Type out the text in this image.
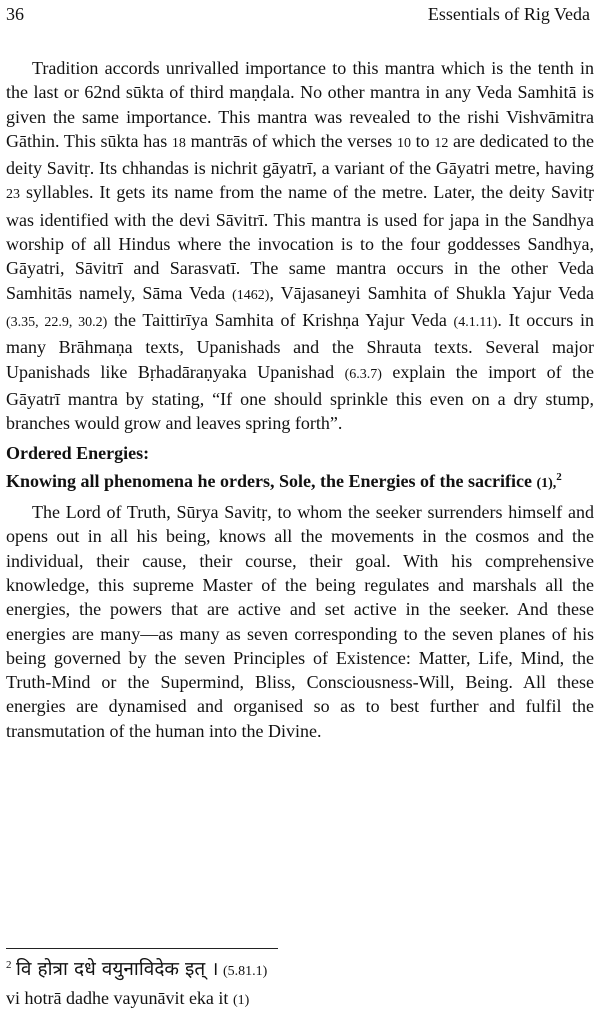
36	Essentials of Rig Veda

Tradition accords unrivalled importance to this mantra which is the tenth in the last or 62nd sūkta of third maṇḍala. No other mantra in any Veda Samhitā is given the same importance. This mantra was revealed to the rishi Vishvāmitra Gāthin. This sūkta has 18 mantrās of which the verses 10 to 12 are dedicated to the deity Savitṛ. Its chhandas is nichrit gāyatrī, a variant of the Gāyatri metre, having 23 syllables. It gets its name from the name of the metre. Later, the deity Savitṛ was identified with the devi Sāvitrī. This mantra is used for japa in the Sandhya worship of all Hindus where the invocation is to the four goddesses Sandhya, Gāyatri, Sāvitrī and Sarasvatī. The same mantra occurs in the other Veda Samhitās namely, Sāma Veda (1462), Vājasaneyi Samhita of Shukla Yajur Veda (3.35, 22.9, 30.2) the Taittirīya Samhita of Krishṇa Yajur Veda (4.1.11). It occurs in many Brāhmaṇa texts, Upanishads and the Shrauta texts. Several major Upanishads like Bṛhadāraṇyaka Upanishad (6.3.7) explain the import of the Gāyatrī mantra by stating, “If one should sprinkle this even on a dry stump, branches would grow and leaves spring forth”.

Ordered Energies:
Knowing all phenomena he orders, Sole, the Energies of the sacrifice (1),$^2$

The Lord of Truth, Sūrya Savitṛ, to whom the seeker surrenders himself and opens out in all his being, knows all the movements in the cosmos and the individual, their cause, their course, their goal. With his comprehensive knowledge, this supreme Master of the being regulates and marshals all the energies, the powers that are active and set active in the seeker. And these energies are many—as many as seven corresponding to the seven planes of his being governed by the seven Principles of Existence: Matter, Life, Mind, the Truth-Mind or the Supermind, Bliss, Consciousness-Will, Being. All these energies are dynamised and organised so as to best further and fulfil the transmutation of the human into the Divine.

$^2$ वि होत्रा दधे वयुनाविदेक इत् । (5.81.1)
vi hotrā dadhe vayunāvit eka it (1)
